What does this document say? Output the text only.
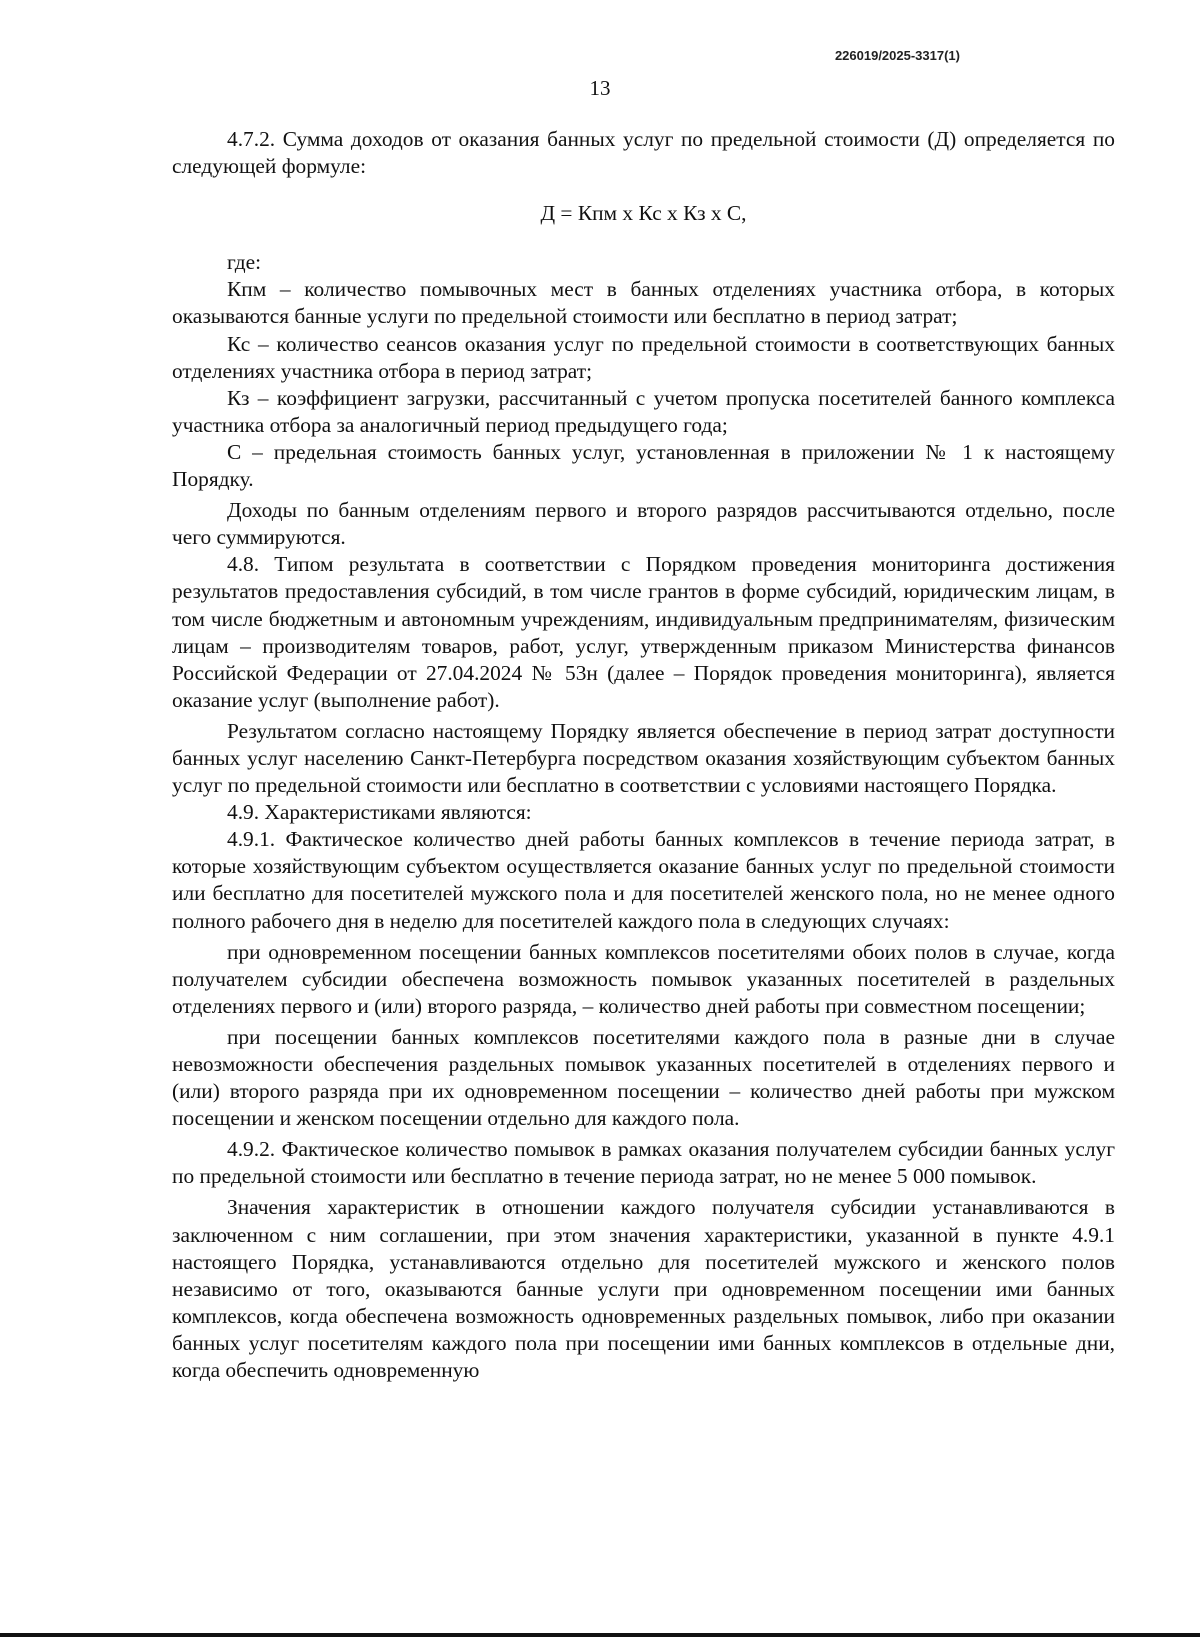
226019/2025-3317(1)
13

4.7.2. Сумма доходов от оказания банных услуг по предельной стоимости (Д) определяется по следующей формуле:

Д = Кпм х Кс х Кз х С,

где:

Кпм – количество помывочных мест в банных отделениях участника отбора, в которых оказываются банные услуги по предельной стоимости или бесплатно в период затрат;

Кс – количество сеансов оказания услуг по предельной стоимости в соответствующих банных отделениях участника отбора в период затрат;

Кз – коэффициент загрузки, рассчитанный с учетом пропуска посетителей банного комплекса участника отбора за аналогичный период предыдущего года;

С – предельная стоимость банных услуг, установленная в приложении № 1 к настоящему Порядку.

Доходы по банным отделениям первого и второго разрядов рассчитываются отдельно, после чего суммируются.

4.8. Типом результата в соответствии с Порядком проведения мониторинга достижения результатов предоставления субсидий, в том числе грантов в форме субсидий, юридическим лицам, в том числе бюджетным и автономным учреждениям, индивидуальным предпринимателям, физическим лицам – производителям товаров, работ, услуг, утвержденным приказом Министерства финансов Российской Федерации от 27.04.2024 № 53н (далее – Порядок проведения мониторинга), является оказание услуг (выполнение работ).

Результатом согласно настоящему Порядку является обеспечение в период затрат доступности банных услуг населению Санкт-Петербурга посредством оказания хозяйствующим субъектом банных услуг по предельной стоимости или бесплатно в соответствии с условиями настоящего Порядка.

4.9. Характеристиками являются:

4.9.1. Фактическое количество дней работы банных комплексов в течение периода затрат, в которые хозяйствующим субъектом осуществляется оказание банных услуг по предельной стоимости или бесплатно для посетителей мужского пола и для посетителей женского пола, но не менее одного полного рабочего дня в неделю для посетителей каждого пола в следующих случаях:

при одновременном посещении банных комплексов посетителями обоих полов в случае, когда получателем субсидии обеспечена возможность помывок указанных посетителей в раздельных отделениях первого и (или) второго разряда, – количество дней работы при совместном посещении;

при посещении банных комплексов посетителями каждого пола в разные дни в случае невозможности обеспечения раздельных помывок указанных посетителей в отделениях первого и (или) второго разряда при их одновременном посещении – количество дней работы при мужском посещении и женском посещении отдельно для каждого пола.

4.9.2. Фактическое количество помывок в рамках оказания получателем субсидии банных услуг по предельной стоимости или бесплатно в течение периода затрат, но не менее 5 000 помывок.

Значения характеристик в отношении каждого получателя субсидии устанавливаются в заключенном с ним соглашении, при этом значения характеристики, указанной в пункте 4.9.1 настоящего Порядка, устанавливаются отдельно для посетителей мужского и женского полов независимо от того, оказываются банные услуги при одновременном посещении ими банных комплексов, когда обеспечена возможность одновременных раздельных помывок, либо при оказании банных услуг посетителям каждого пола при посещении ими банных комплексов в отдельные дни, когда обеспечить одновременную
